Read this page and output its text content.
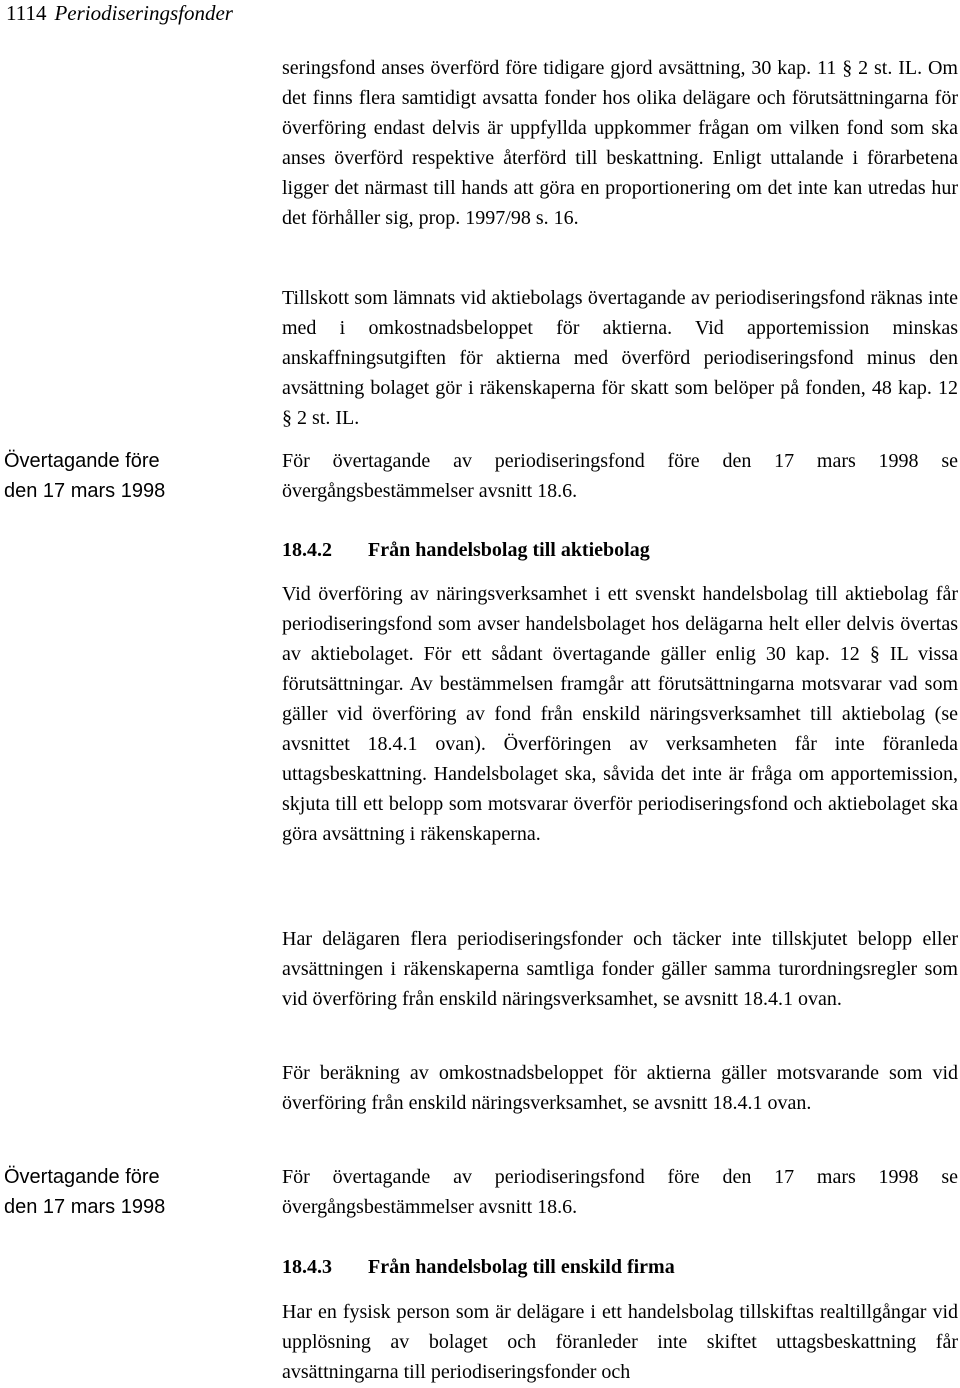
1114 Periodiseringsfonder

seringsfond anses överförd före tidigare gjord avsättning, 30 kap. 11 § 2 st. IL. Om det finns flera samtidigt avsatta fonder hos olika delägare och förutsättningarna för överföring endast delvis är uppfyllda uppkommer frågan om vilken fond som ska anses överförd respektive återförd till beskattning. Enligt uttalande i förarbetena ligger det närmast till hands att göra en proportionering om det inte kan utredas hur det förhåller sig, prop. 1997/98 s. 16.

Tillskott som lämnats vid aktiebolags övertagande av periodiseringsfond räknas inte med i omkostnadsbeloppet för aktierna. Vid apportemission minskas anskaffningsutgiften för aktierna med överförd periodiseringsfond minus den avsättning bolaget gör i räkenskaperna för skatt som belöper på fonden, 48 kap. 12 § 2 st. IL.

Övertagande före
den 17 mars 1998

För övertagande av periodiseringsfond före den 17 mars 1998 se övergångsbestämmelser avsnitt 18.6.

18.4.2 Från handelsbolag till aktiebolag

Vid överföring av näringsverksamhet i ett svenskt handelsbolag till aktiebolag får periodiseringsfond som avser handelsbolaget hos delägarna helt eller delvis övertas av aktiebolaget. För ett sådant övertagande gäller enlig 30 kap. 12 § IL vissa förutsättningar. Av bestämmelsen framgår att förutsättningarna motsvarar vad som gäller vid överföring av fond från enskild näringsverksamhet till aktiebolag (se avsnittet 18.4.1 ovan). Överföringen av verksamheten får inte föranleda uttagsbeskattning. Handelsbolaget ska, såvida det inte är fråga om apportemission, skjuta till ett belopp som motsvarar överför periodiseringsfond och aktiebolaget ska göra avsättning i räkenskaperna.

Har delägaren flera periodiseringsfonder och täcker inte tillskjutet belopp eller avsättningen i räkenskaperna samtliga fonder gäller samma turordningsregler som vid överföring från enskild näringsverksamhet, se avsnitt 18.4.1 ovan.

För beräkning av omkostnadsbeloppet för aktierna gäller motsvarande som vid överföring från enskild näringsverksamhet, se avsnitt 18.4.1 ovan.

Övertagande före
den 17 mars 1998

För övertagande av periodiseringsfond före den 17 mars 1998 se övergångsbestämmelser avsnitt 18.6.

18.4.3 Från handelsbolag till enskild firma

Har en fysisk person som är delägare i ett handelsbolag tillskiftas realtillgångar vid upplösning av bolaget och föranleder inte skiftet uttagsbeskattning får avsättningarna till periodiseringsfonder och
